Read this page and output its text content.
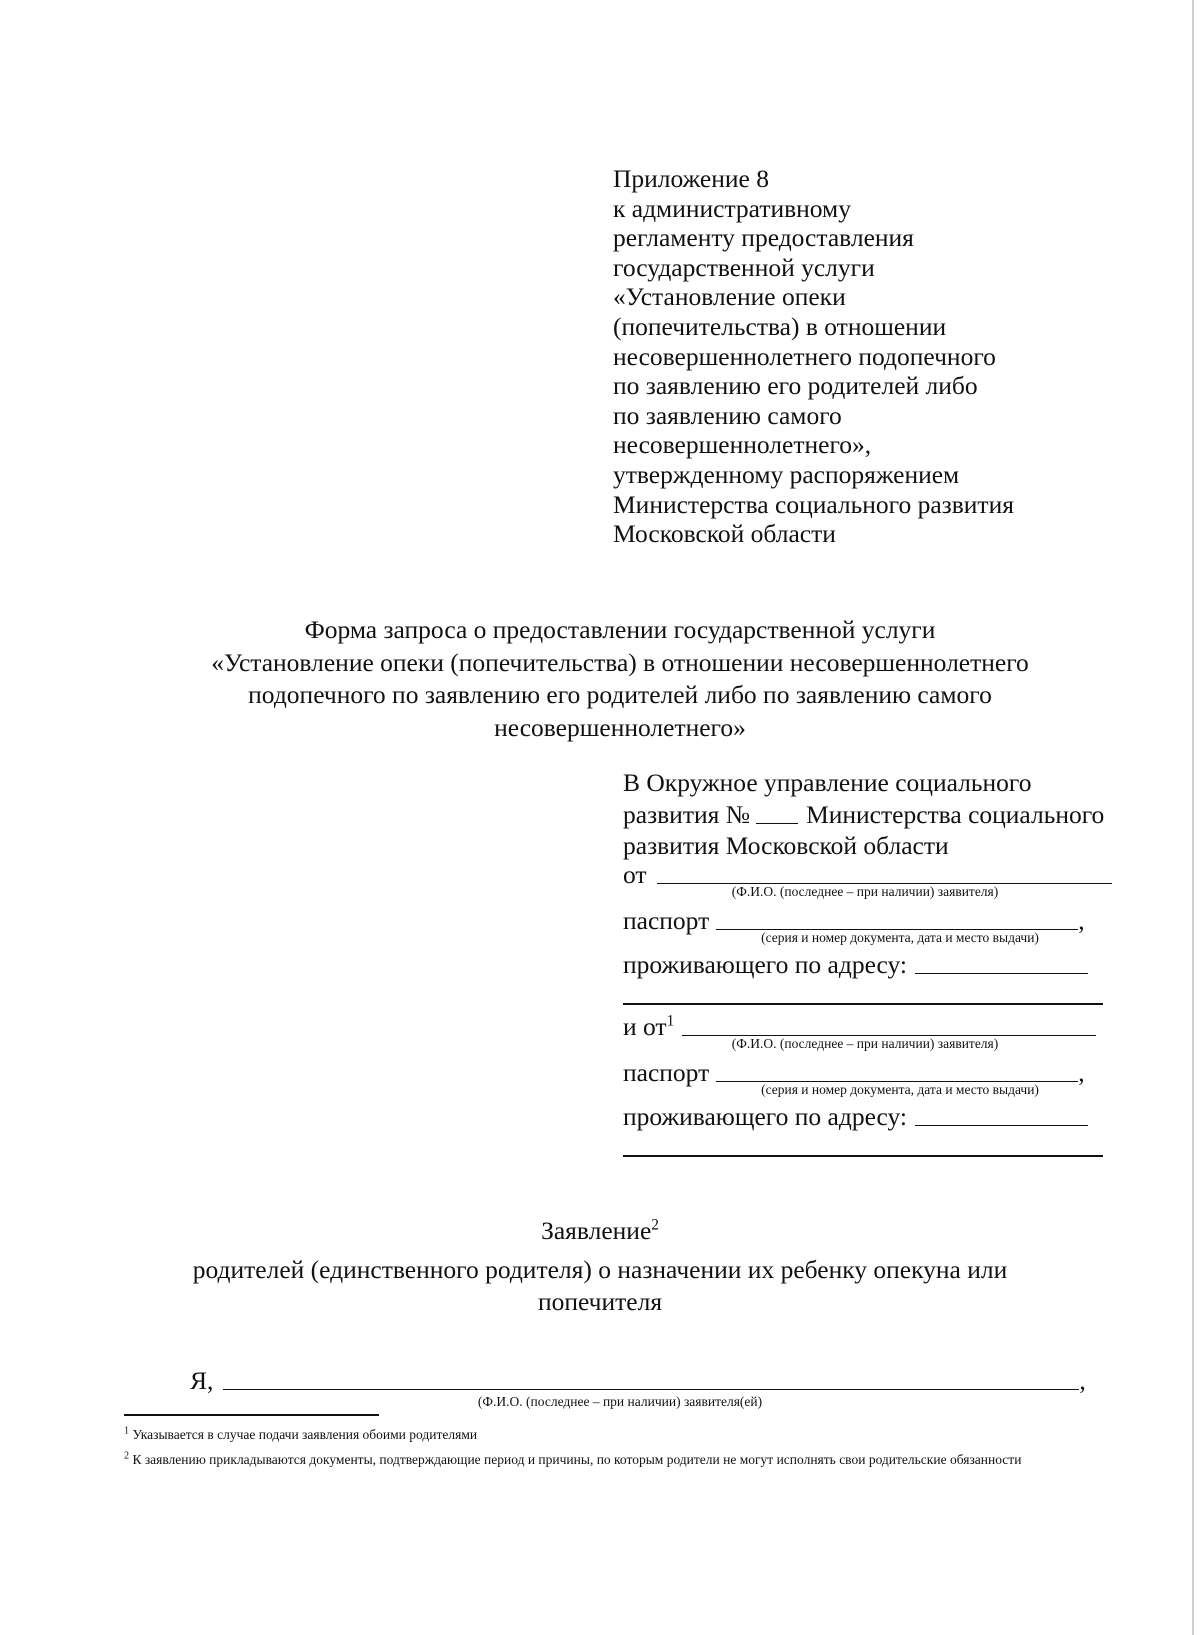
Приложение 8
к административному
регламенту предоставления
государственной услуги
«Установление опеки
(попечительства) в отношении
несовершеннолетнего подопечного
по заявлению его родителей либо
по заявлению самого
несовершеннолетнего»,
утвержденному распоряжением
Министерства социального развития
Московской области
Форма запроса о предоставлении государственной услуги
«Установление опеки (попечительства) в отношении несовершеннолетнего
подопечного по заявлению его родителей либо по заявлению самого
несовершеннолетнего»
В Окружное управление социального
развития № Министерства социального
развития Московской области
от
(Ф.И.О. (последнее – при наличии) заявителя)
паспорт	,
(серия и номер документа, дата и место выдачи)
проживающего по адресу:
и $от^1$
(Ф.И.О. (последнее – при наличии) заявителя)
паспорт	,
(серия и номер документа, дата и место выдачи)
проживающего по адресу:
Заявление$^2$
родителей (единственного родителя) о назначении их ребенку опекуна или
попечителя
Я,	,
(Ф.И.О. (последнее – при наличии) заявителя(ей)
$^1$ Указывается в случае подачи заявления обоими родителями
$^2$ К заявлению прикладываются документы, подтверждающие период и причины, по которым родители не могут исполнять свои родительские обязанности
